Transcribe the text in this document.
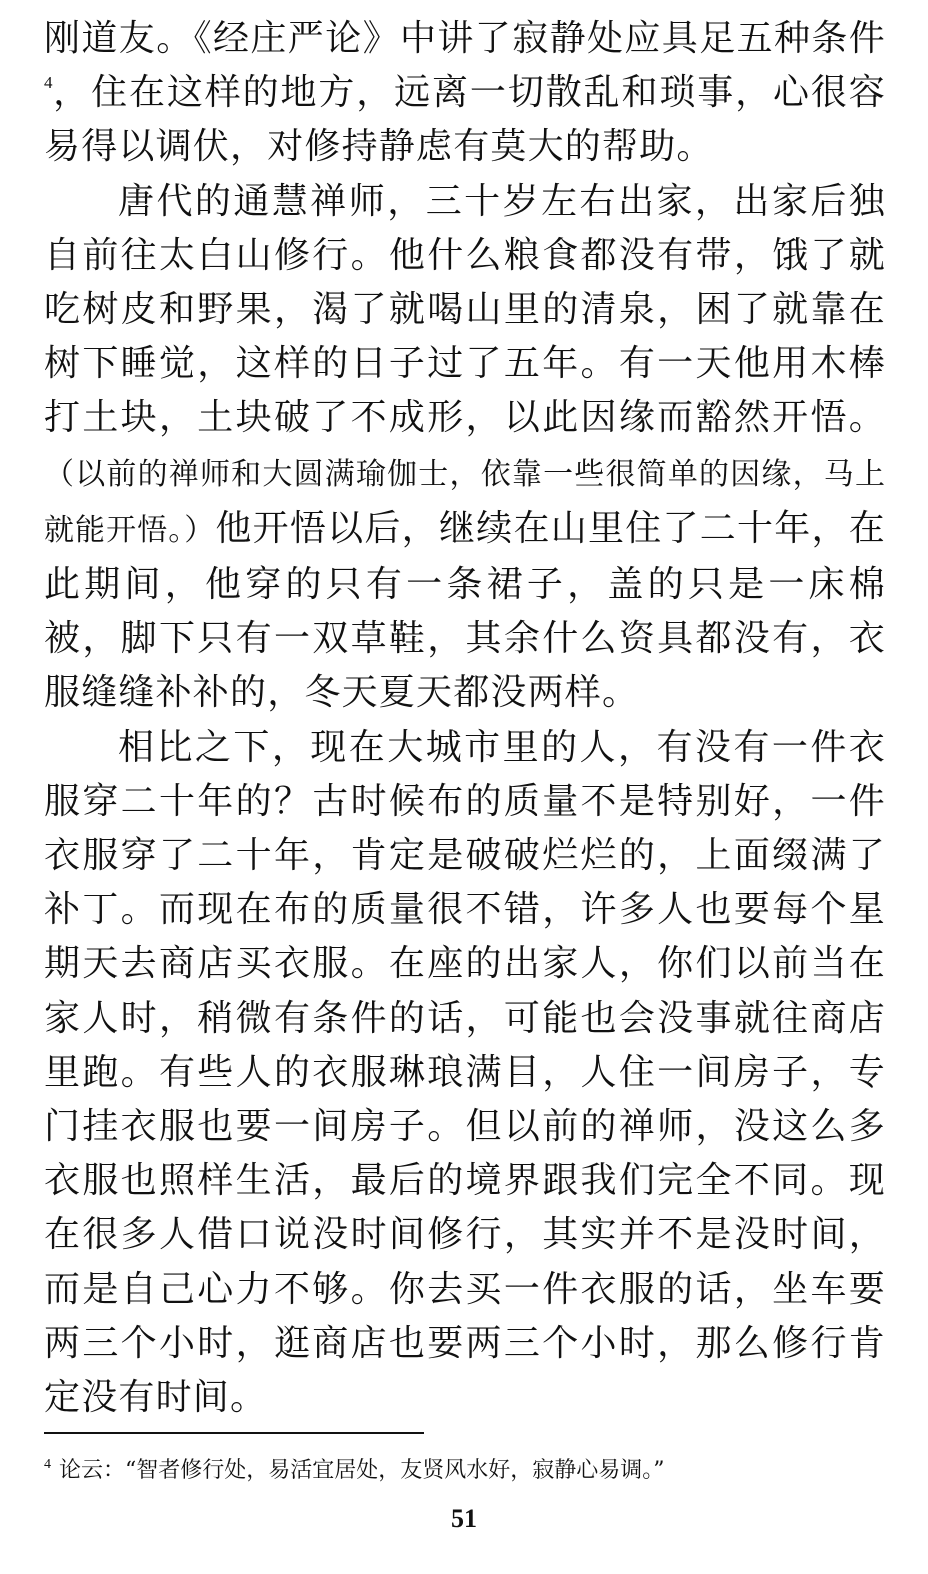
刚道友。《经庄严论》中讲了寂静处应具足五种条件$^4$，住在这样的地方，远离一切散乱和琐事，心很容易得以调伏，对修持静虑有莫大的帮助。

唐代的通慧禅师，三十岁左右出家，出家后独自前往太白山修行。他什么粮食都没有带，饿了就吃树皮和野果，渴了就喝山里的清泉，困了就靠在树下睡觉，这样的日子过了五年。有一天他用木棒打土块，土块破了不成形，以此因缘而豁然开悟。（以前的禅师和大圆满瑜伽士，依靠一些很简单的因缘，马上就能开悟。）他开悟以后，继续在山里住了二十年，在此期间，他穿的只有一条裙子，盖的只是一床棉被，脚下只有一双草鞋，其余什么资具都没有，衣服缝缝补补的，冬天夏天都没两样。

相比之下，现在大城市里的人，有没有一件衣服穿二十年的？古时候布的质量不是特别好，一件衣服穿了二十年，肯定是破破烂烂的，上面缀满了补丁。而现在布的质量很不错，许多人也要每个星期天去商店买衣服。在座的出家人，你们以前当在家人时，稍微有条件的话，可能也会没事就往商店里跑。有些人的衣服琳琅满目，人住一间房子，专门挂衣服也要一间房子。但以前的禅师，没这么多衣服也照样生活，最后的境界跟我们完全不同。现在很多人借口说没时间修行，其实并不是没时间，而是自己心力不够。你去买一件衣服的话，坐车要两三个小时，逛商店也要两三个小时，那么修行肯定没有时间。

$^4$ 论云：“智者修行处，易活宜居处，友贤风水好，寂静心易调。”
51
